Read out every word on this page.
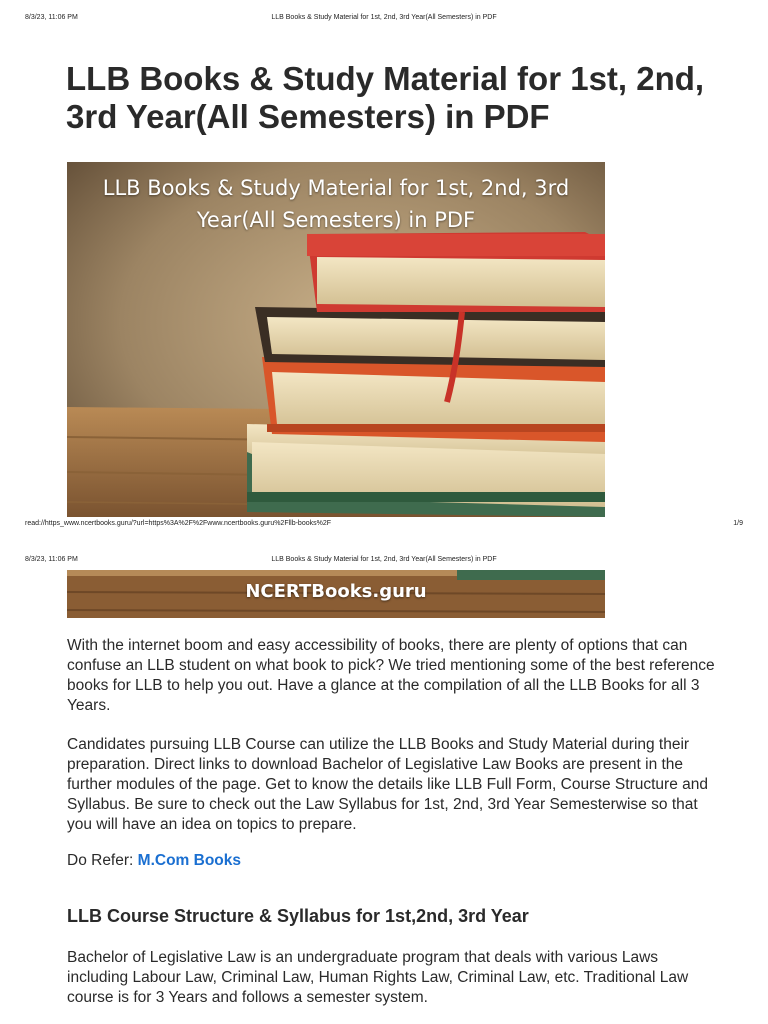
8/3/23, 11:06 PM	LLB Books & Study Material for 1st, 2nd, 3rd Year(All Semesters) in PDF
LLB Books & Study Material for 1st, 2nd, 3rd Year(All Semesters) in PDF
LLB Books & Study Material for 1st, 2nd, 3rd
Year(All Semesters) in PDF
read://https_www.ncertbooks.guru/?url=https%3A%2F%2Fwww.ncertbooks.guru%2Fllb-books%2F	1/9
8/3/23, 11:06 PM	LLB Books & Study Material for 1st, 2nd, 3rd Year(All Semesters) in PDF
NCERTBooks.guru

With the internet boom and easy accessibility of books, there are plenty of options that can confuse an LLB student on what book to pick? We tried mentioning some of the best reference books for LLB to help you out. Have a glance at the compilation of all the LLB Books for all 3 Years.

Candidates pursuing LLB Course can utilize the LLB Books and Study Material during their preparation. Direct links to download Bachelor of Legislative Law Books are present in the further modules of the page. Get to know the details like LLB Full Form, Course Structure and Syllabus. Be sure to check out the Law Syllabus for 1st, 2nd, 3rd Year Semesterwise so that you will have an idea on topics to prepare.

Do Refer: M.Com Books

LLB Course Structure & Syllabus for 1st,2nd, 3rd Year

Bachelor of Legislative Law is an undergraduate program that deals with various Laws including Labour Law, Criminal Law, Human Rights Law, Criminal Law, etc. Traditional Law course is for 3 Years and follows a semester system.
